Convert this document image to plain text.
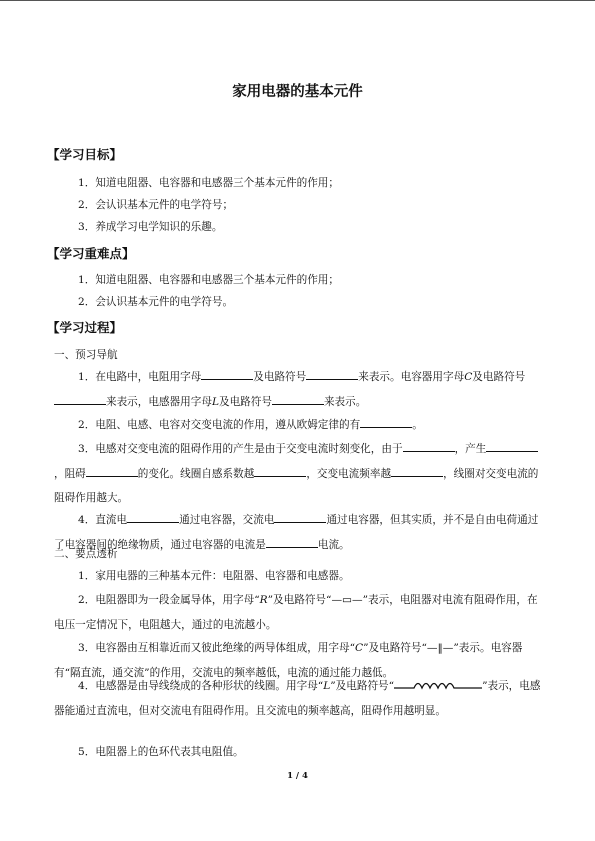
家用电器的基本元件
【学习目标】
1．知道电阻器、电容器和电感器三个基本元件的作用；
2．会认识基本元件的电学符号；
3．养成学习电学知识的乐趣。
【学习重难点】
1．知道电阻器、电容器和电感器三个基本元件的作用；
2．会认识基本元件的电学符号。
【学习过程】
一、预习导航
1．在电路中，电阻用字母	及电路符号	来表示。电容器用字母C及电路符号来表示，电感器用字母L及电路符号	来表示。
2．电阻、电感、电容对交变电流的作用，遵从欧姆定律的有	。
3．电感对交变电流的阻碍作用的产生是由于交变电流时刻变化，由于	，产生，阻碍	的变化。线圈自感系数越	，交变电流频率越	，线圈对交变电流的阻碍作用越大。
4．直流电	通过电容器，交流电	通过电容器，但其实质，并不是自由电荷通过了电容器间的绝缘物质，通过电容器的电流是	电流。
二、要点透析
1．家用电器的三种基本元件：电阻器、电容器和电感器。
2．电阻器即为一段金属导体，用字母“R”及电路符号“—▭—”表示，电阻器对电流有阻碍作用，在电压一定情况下，电阻越大，通过的电流越小。
3．电容器由互相靠近而又彼此绝缘的两导体组成，用字母“C”及电路符号“—‖—”表示。电容器有“隔直流，通交流”的作用，交流电的频率越低，电流的通过能力越低。
4．电感器是由导线绕成的各种形状的线圈。用字母“L”及电路符号“	”表示，电感器能通过直流电，但对交流电有阻碍作用。且交流电的频率越高，阻碍作用越明显。
5．电阻器上的色环代表其电阻值。
1 / 4
